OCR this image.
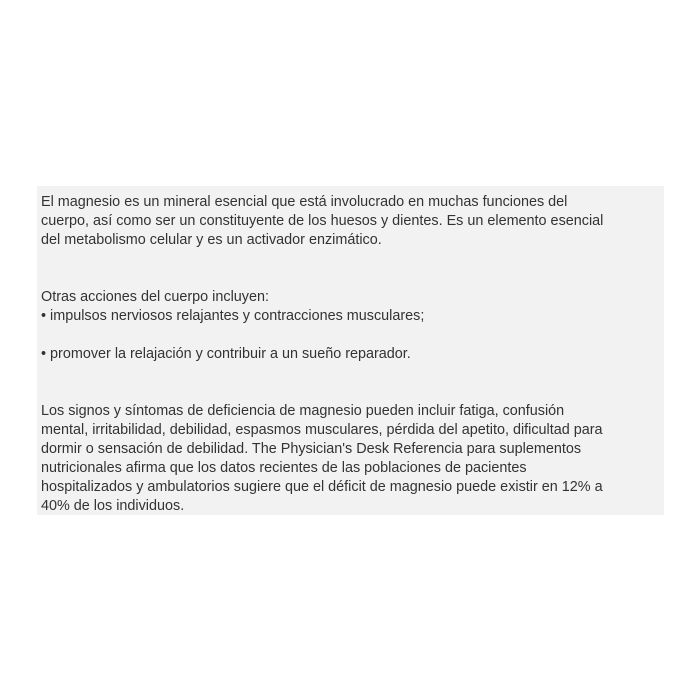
El magnesio es un mineral esencial que está involucrado en muchas funciones del
cuerpo, así como ser un constituyente de los huesos y dientes. Es un elemento esencial
del metabolismo celular y es un activador enzimático.

Otras acciones del cuerpo incluyen:
• impulsos nerviosos relajantes y contracciones musculares;

• promover la relajación y contribuir a un sueño reparador.

Los signos y síntomas de deficiencia de magnesio pueden incluir fatiga, confusión
mental, irritabilidad, debilidad, espasmos musculares, pérdida del apetito, dificultad para
dormir o sensación de debilidad. The Physician's Desk Referencia para suplementos
nutricionales afirma que los datos recientes de las poblaciones de pacientes
hospitalizados y ambulatorios sugiere que el déficit de magnesio puede existir en 12% a
40% de los individuos.
